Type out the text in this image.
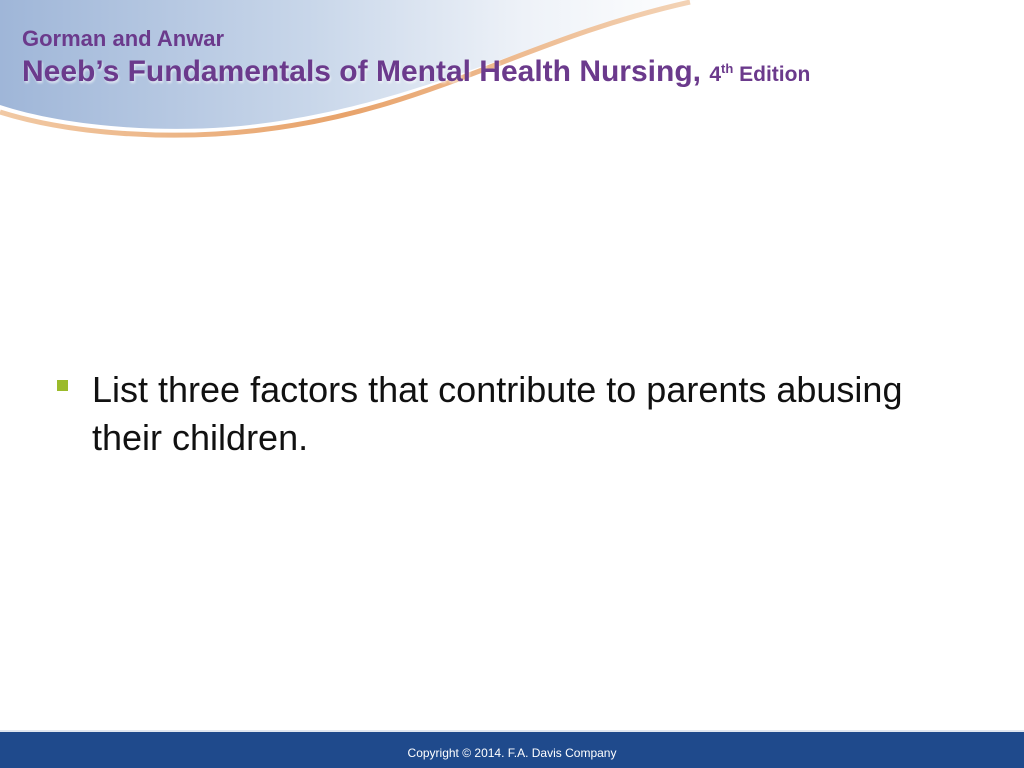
Gorman and Anwar
Neeb’s Fundamentals of Mental Health Nursing, 4th Edition
List three factors that contribute to parents abusing their children.
Copyright © 2014. F.A. Davis Company
